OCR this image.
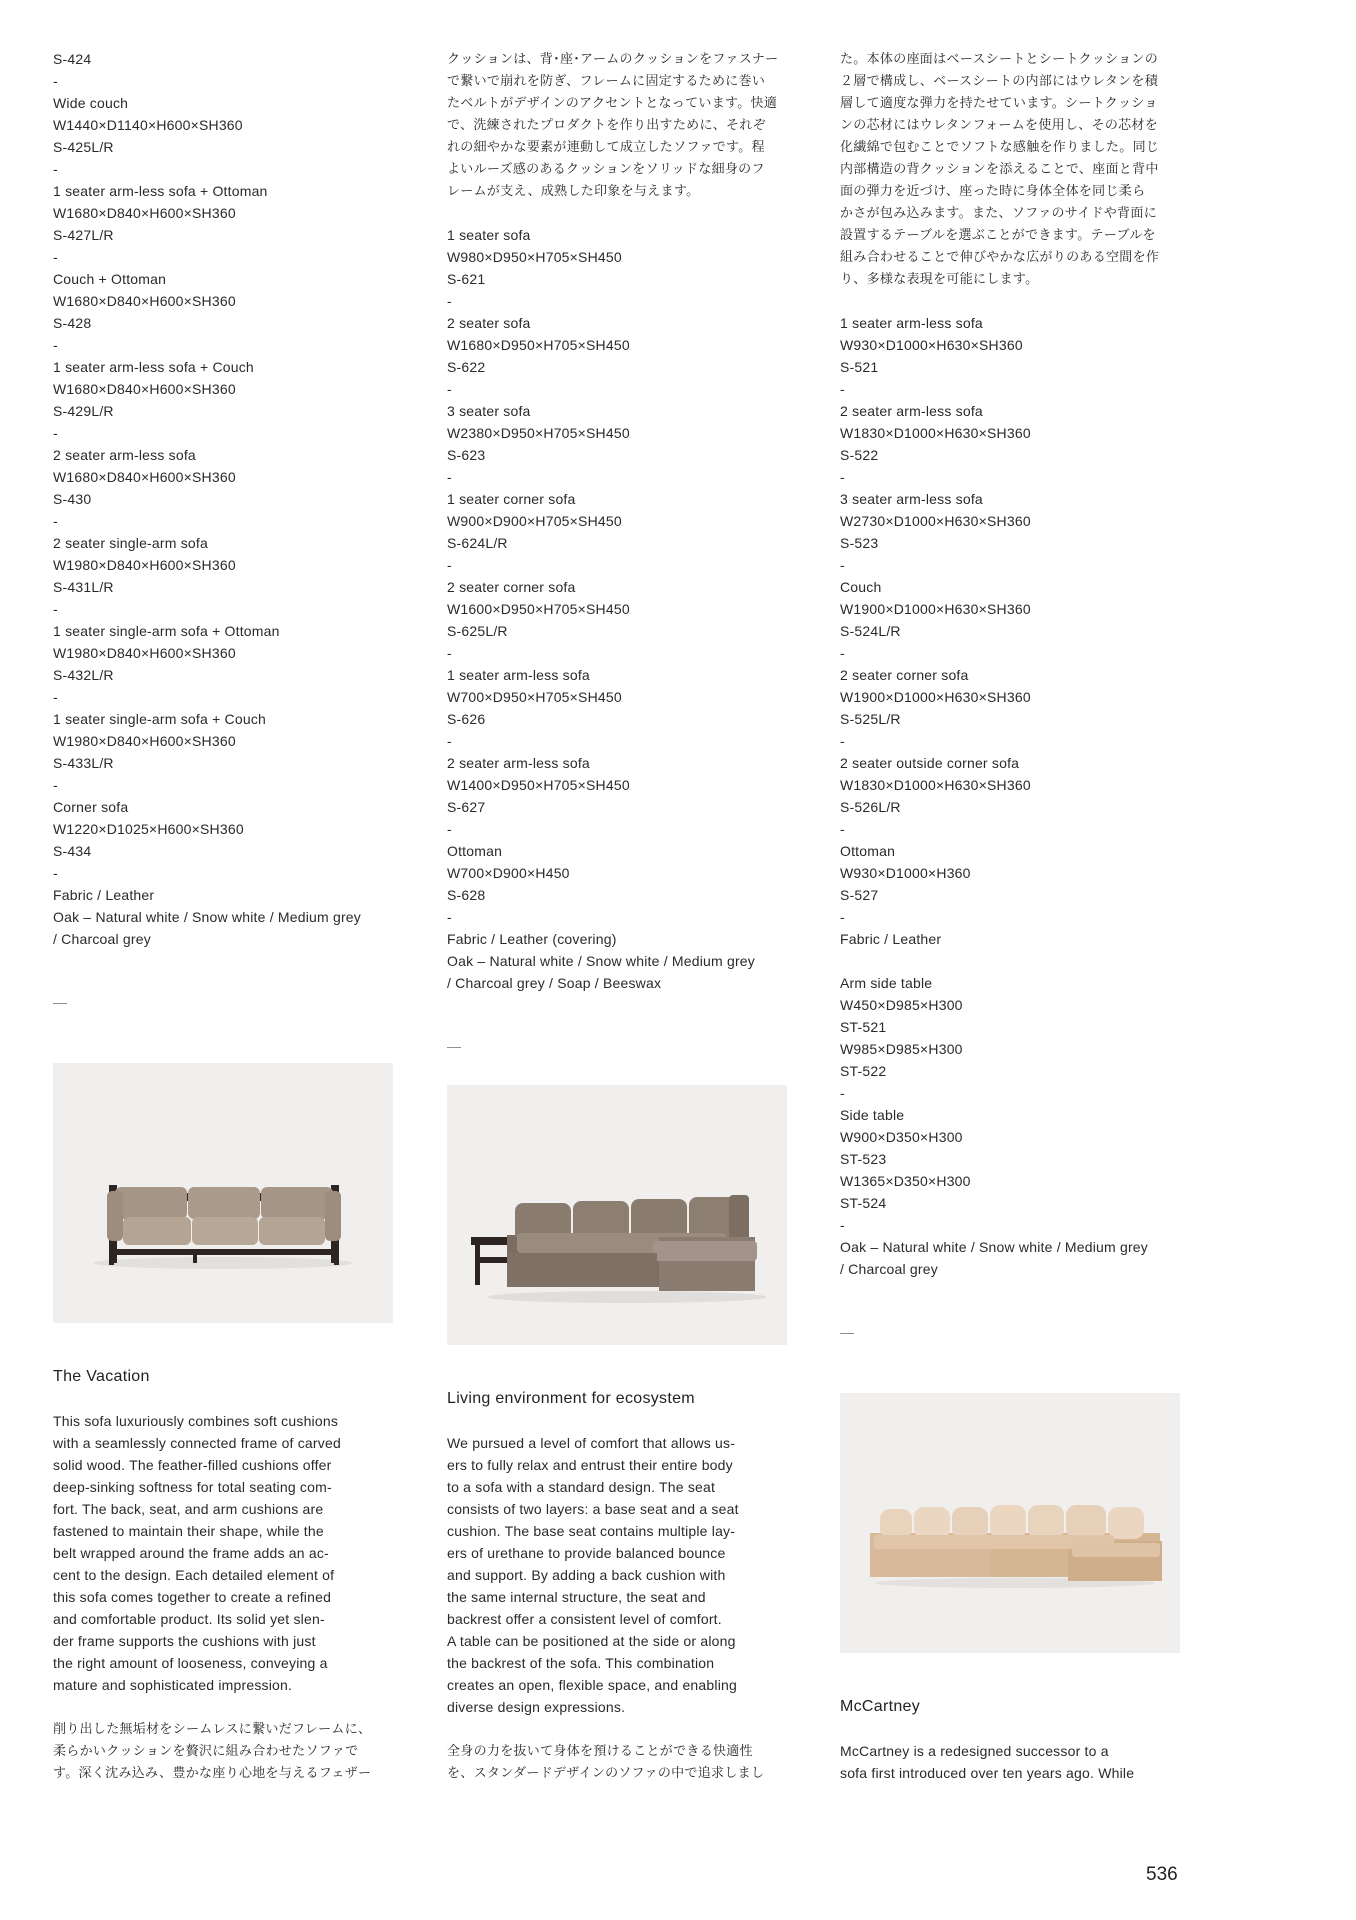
S-424
-
Wide couch
W1440×D1140×H600×SH360
S-425L/R
-
1 seater arm-less sofa + Ottoman
W1680×D840×H600×SH360
S-427L/R
-
Couch + Ottoman
W1680×D840×H600×SH360
S-428
-
1 seater arm-less sofa + Couch
W1680×D840×H600×SH360
S-429L/R
-
2 seater arm-less sofa
W1680×D840×H600×SH360
S-430
-
2 seater single-arm sofa
W1980×D840×H600×SH360
S-431L/R
-
1 seater single-arm sofa + Ottoman
W1980×D840×H600×SH360
S-432L/R
-
1 seater single-arm sofa + Couch
W1980×D840×H600×SH360
S-433L/R
-
Corner sofa
W1220×D1025×H600×SH360
S-434
-
Fabric / Leather
Oak – Natural white / Snow white / Medium grey
/ Charcoal grey
—
The Vacation
This sofa luxuriously combines soft cushions
with a seamlessly connected frame of carved
solid wood. The feather-filled cushions offer
deep-sinking softness for total seating com-
fort. The back, seat, and arm cushions are
fastened to maintain their shape, while the
belt wrapped around the frame adds an ac-
cent to the design. Each detailed element of
this sofa comes together to create a refined
and comfortable product. Its solid yet slen-
der frame supports the cushions with just
the right amount of looseness, conveying a
mature and sophisticated impression.
削り出した無垢材をシームレスに繋いだフレームに、
柔らかいクッションを贅沢に組み合わせたソファで
す。深く沈み込み、豊かな座り心地を与えるフェザー
クッションは、背･座･アームのクッションをファスナー
で繋いで崩れを防ぎ、フレームに固定するために巻い
たベルトがデザインのアクセントとなっています。快適
で、洗練されたプロダクトを作り出すために、それぞ
れの細やかな要素が連動して成立したソファです。程
よいルーズ感のあるクッションをソリッドな細身のフ
レームが支え、成熟した印象を与えます。
1 seater sofa
W980×D950×H705×SH450
S-621
-
2 seater sofa
W1680×D950×H705×SH450
S-622
-
3 seater sofa
W2380×D950×H705×SH450
S-623
-
1 seater corner sofa
W900×D900×H705×SH450
S-624L/R
-
2 seater corner sofa
W1600×D950×H705×SH450
S-625L/R
-
1 seater arm-less sofa
W700×D950×H705×SH450
S-626
-
2 seater arm-less sofa
W1400×D950×H705×SH450
S-627
-
Ottoman
W700×D900×H450
S-628
-
Fabric / Leather (covering)
Oak – Natural white / Snow white / Medium grey
/ Charcoal grey / Soap / Beeswax
—
Living environment for ecosystem
We pursued a level of comfort that allows us-
ers to fully relax and entrust their entire body
to a sofa with a standard design. The seat
consists of two layers: a base seat and a seat
cushion. The base seat contains multiple lay-
ers of urethane to provide balanced bounce
and support. By adding a back cushion with
the same internal structure, the seat and
backrest offer a consistent level of comfort.
A table can be positioned at the side or along
the backrest of the sofa. This combination
creates an open, flexible space, and enabling
diverse design expressions.
全身の力を抜いて身体を預けることができる快適性
を、スタンダードデザインのソファの中で追求しまし
た。本体の座面はベースシートとシートクッションの
２層で構成し、ベースシートの内部にはウレタンを積
層して適度な弾力を持たせています。シートクッショ
ンの芯材にはウレタンフォームを使用し、その芯材を
化繊綿で包むことでソフトな感触を作りました。同じ
内部構造の背クッションを添えることで、座面と背中
面の弾力を近づけ、座った時に身体全体を同じ柔ら
かさが包み込みます。また、ソファのサイドや背面に
設置するテーブルを選ぶことができます。テーブルを
組み合わせることで伸びやかな広がりのある空間を作
り、多様な表現を可能にします。
1 seater arm-less sofa
W930×D1000×H630×SH360
S-521
-
2 seater arm-less sofa
W1830×D1000×H630×SH360
S-522
-
3 seater arm-less sofa
W2730×D1000×H630×SH360
S-523
-
Couch
W1900×D1000×H630×SH360
S-524L/R
-
2 seater corner sofa
W1900×D1000×H630×SH360
S-525L/R
-
2 seater outside corner sofa
W1830×D1000×H630×SH360
S-526L/R
-
Ottoman
W930×D1000×H360
S-527
-
Fabric / Leather
Arm side table
W450×D985×H300
ST-521
W985×D985×H300
ST-522
-
Side table
W900×D350×H300
ST-523
W1365×D350×H300
ST-524
-
Oak – Natural white / Snow white / Medium grey
/ Charcoal grey
—
McCartney
McCartney is a redesigned successor to a
sofa first introduced over ten years ago. While
536
